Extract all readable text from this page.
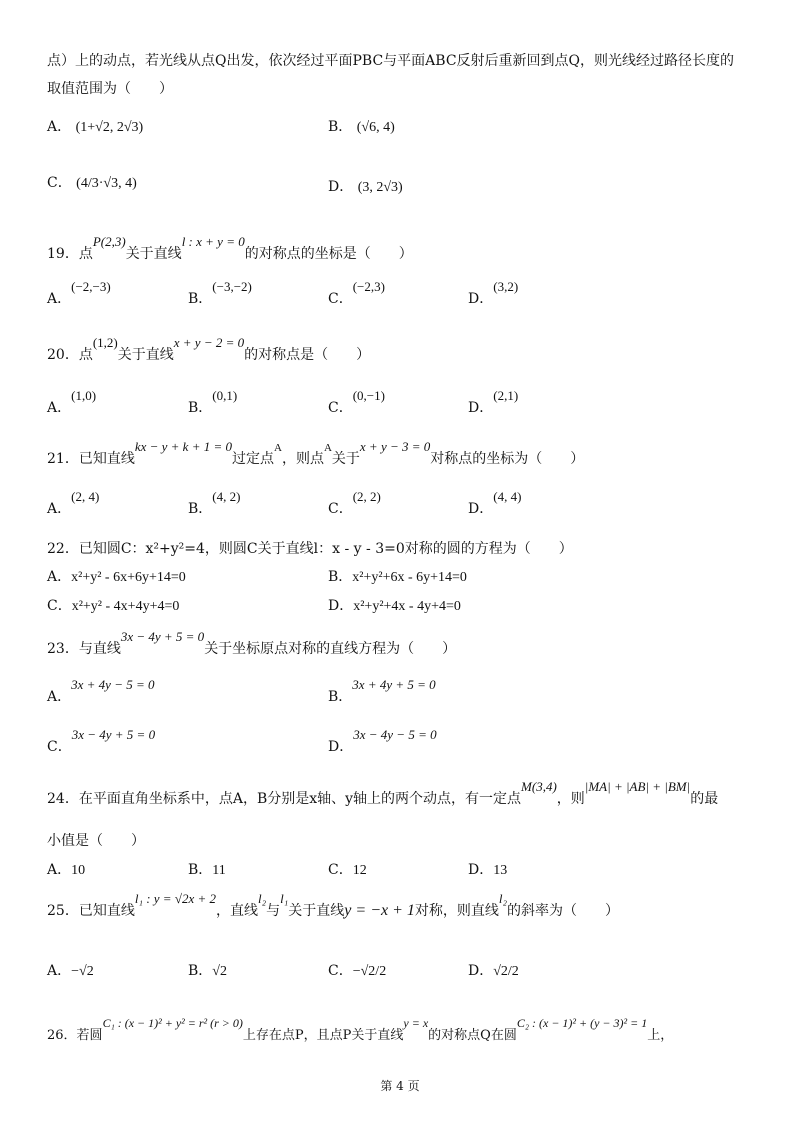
点）上的动点，若光线从点Q出发，依次经过平面PBC与平面ABC反射后重新回到点Q，则光线经过路径长度的
取值范围为（　　）
A． (1+√2, 2√3)	B． (√6, 4)
C． (4/3·√3, 4)	D． (3, 2√3)
19．点P(2,3)关于直线l : x + y = 0的对称点的坐标是（　　）
A．(−2,−3)
B．(−3,−2)
C．(−2,3)
D．(3,2)
20．点(1,2)关于直线x + y − 2 = 0的对称点是（　　）
A．(1,0)
B．(0,1)
C．(0,−1)
D．(2,1)
21．已知直线kx − y + k + 1 = 0过定点$^A$，则点$^A$关于x + y − 3 = 0对称点的坐标为（　　）
A．(2, 4)
B．(4, 2)
C．(2, 2)
D．(4, 4)
22．已知圆C：x²+y²=4，则圆C关于直线l：x - y - 3=0对称的圆的方程为（　　）
A．x²+y² - 6x+6y+14=0	B．x²+y²+6x - 6y+14=0
C．x²+y² - 4x+4y+4=0	D．x²+y²+4x - 4y+4=0
23．与直线3x − 4y + 5 = 0关于坐标原点对称的直线方程为（　　）
A．3x + 4y − 5 = 0
B．3x + 4y + 5 = 0
C．3x − 4y + 5 = 0
D．3x − 4y − 5 = 0
24．在平面直角坐标系中，点A，B分别是x轴、y轴上的两个动点，有一定点M(3,4)，则|MA| + |AB| + |BM|的最
小值是（　　）
A．10	B．11	C．12	D．13
25．已知直线l₁ : y = √2x + 2，直线l₂与l₁关于直线y = −x + 1对称，则直线l₂的斜率为（　　）
A．−√2	B．√2	C．−√2/2	D．√2/2
26．若圆C₁ : (x − 1)² + y² = r² (r > 0)上存在点P，且点P关于直线y = x的对称点Q在圆C₂ : (x − 1)² + (y − 3)² = 1上，
第 4 页
